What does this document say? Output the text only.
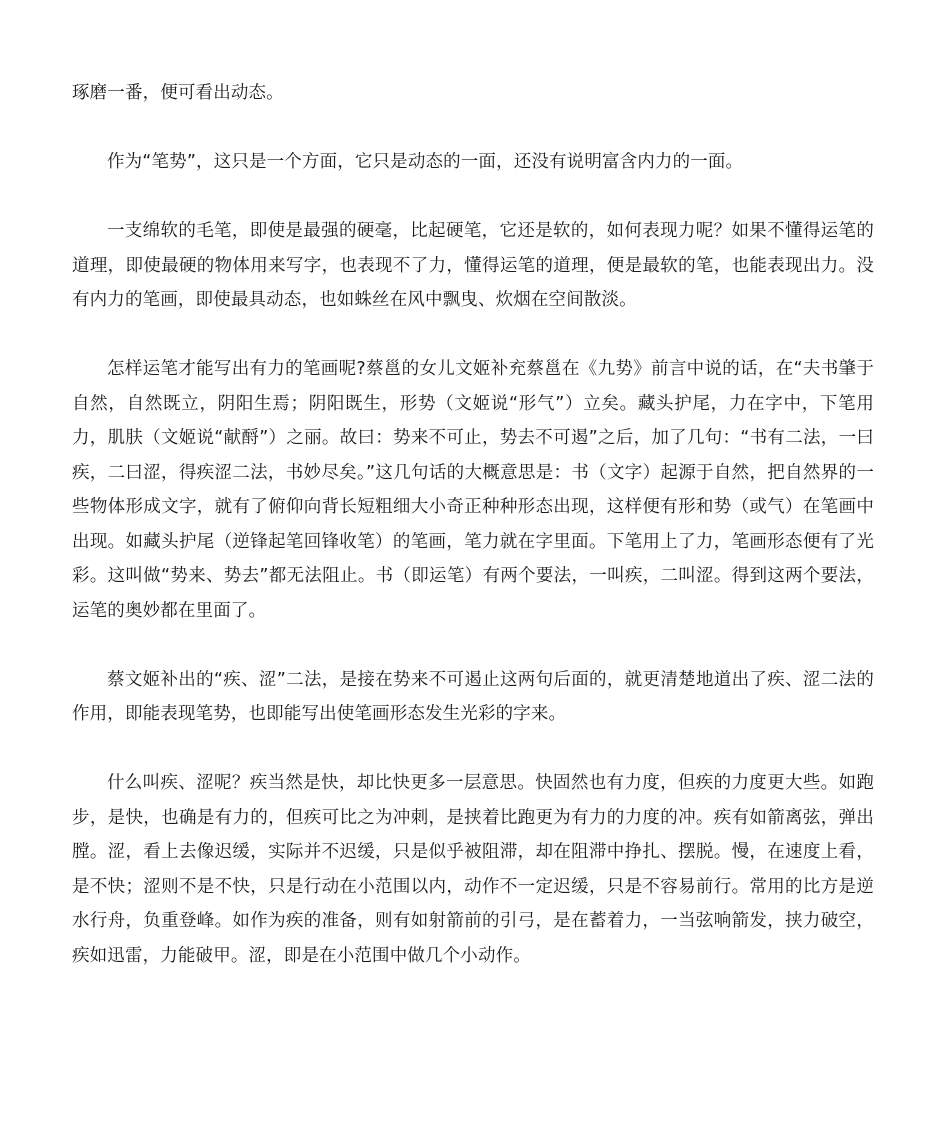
琢磨一番，便可看出动态。

作为“笔势”，这只是一个方面，它只是动态的一面，还没有说明富含内力的一面。

一支绵软的毛笔，即使是最强的硬毫，比起硬笔，它还是软的，如何表现力呢？如果不懂得运笔的道理，即使最硬的物体用来写字，也表现不了力，懂得运笔的道理，便是最软的笔，也能表现出力。没有内力的笔画，即使最具动态，也如蛛丝在风中飘曳、炊烟在空间散淡。

怎样运笔才能写出有力的笔画呢?蔡邕的女儿文姬补充蔡邕在《九势》前言中说的话，在“夫书肇于自然，自然既立，阴阳生焉；阴阳既生，形势（文姬说“形气”）立矣。藏头护尾，力在字中，下笔用力，肌肤（文姬说“献酹”）之丽。故曰：势来不可止，势去不可遏”之后，加了几句：“书有二法，一曰疾，二曰涩，得疾涩二法，书妙尽矣。”这几句话的大概意思是：书（文字）起源于自然，把自然界的一些物体形成文字，就有了俯仰向背长短粗细大小奇正种种形态出现，这样便有形和势（或气）在笔画中出现。如藏头护尾（逆锋起笔回锋收笔）的笔画，笔力就在字里面。下笔用上了力，笔画形态便有了光彩。这叫做“势来、势去”都无法阻止。书（即运笔）有两个要法，一叫疾，二叫涩。得到这两个要法，运笔的奥妙都在里面了。

蔡文姬补出的“疾、涩”二法，是接在势来不可遏止这两句后面的，就更清楚地道出了疾、涩二法的作用，即能表现笔势，也即能写出使笔画形态发生光彩的字来。

什么叫疾、涩呢？疾当然是快，却比快更多一层意思。快固然也有力度，但疾的力度更大些。如跑步，是快，也确是有力的，但疾可比之为冲刺，是挟着比跑更为有力的力度的冲。疾有如箭离弦，弹出膛。涩，看上去像迟缓，实际并不迟缓，只是似乎被阻滞，却在阻滞中挣扎、摆脱。慢，在速度上看，是不快；涩则不是不快，只是行动在小范围以内，动作不一定迟缓，只是不容易前行。常用的比方是逆水行舟，负重登峰。如作为疾的准备，则有如射箭前的引弓，是在蓄着力，一当弦响箭发，挟力破空，疾如迅雷，力能破甲。涩，即是在小范围中做几个小动作。
